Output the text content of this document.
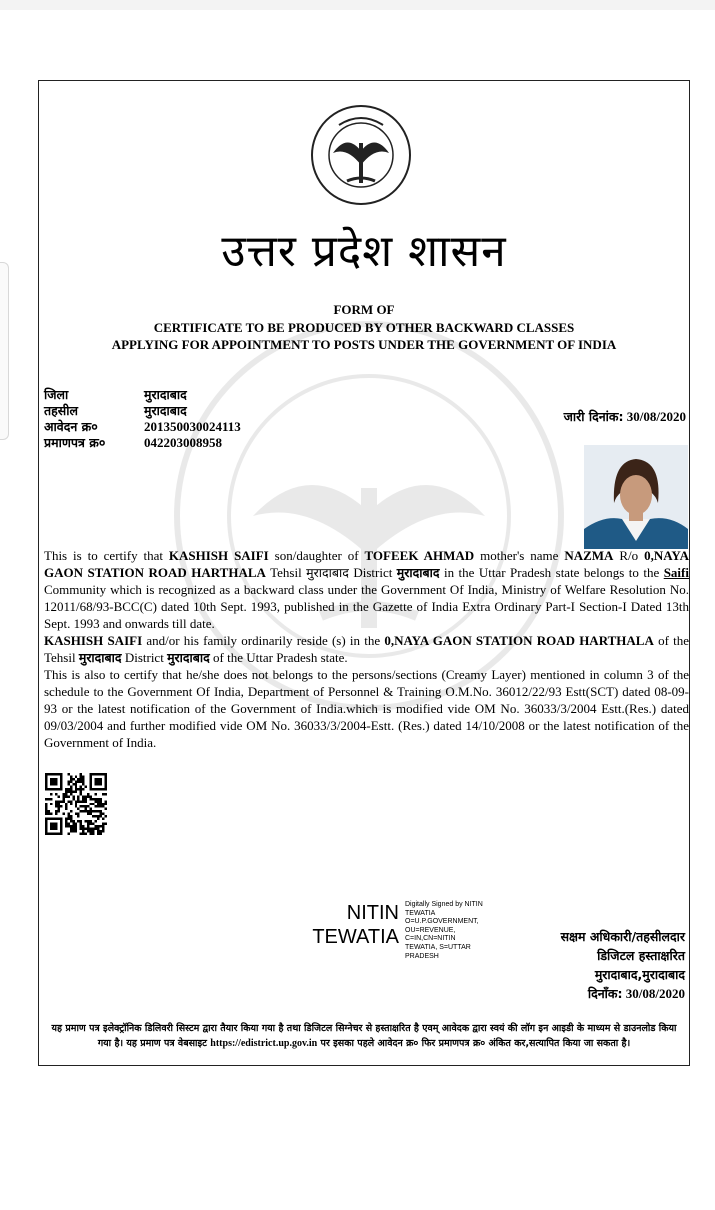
उत्तर प्रदेश शासन
FORM OF
CERTIFICATE TO BE PRODUCED BY OTHER BACKWARD CLASSES
APPLYING FOR APPOINTMENT TO POSTS UNDER THE GOVERNMENT OF INDIA
जिला	मुरादाबाद
तहसील	मुरादाबाद
आवेदन क्र०	201350030024113
प्रमाणपत्र क्र०	042203008958
जारी दिनांक: 30/08/2020

This is to certify that KASHISH SAIFI son/daughter of TOFEEK AHMAD mother's name NAZMA R/o 0,NAYA GAON STATION ROAD HARTHALA Tehsil मुरादाबाद District मुरादाबाद in the Uttar Pradesh state belongs to the Saifi Community which is recognized as a backward class under the Government Of India, Ministry of Welfare Resolution No. 12011/68/93-BCC(C) dated 10th Sept. 1993, published in the Gazette of India Extra Ordinary Part-I Section-I Dated 13th Sept. 1993 and onwards till date.

KASHISH SAIFI and/or his family ordinarily reside (s) in the 0,NAYA GAON STATION ROAD HARTHALA of the Tehsil मुरादाबाद District मुरादाबाद of the Uttar Pradesh state.

This is also to certify that he/she does not belongs to the persons/sections (Creamy Layer) mentioned in column 3 of the schedule to the Government Of India, Department of Personnel & Training O.M.No. 36012/22/93 Estt(SCT) dated 08-09-93 or the latest notification of the Government of India.which is modified vide OM No. 36033/3/2004 Estt.(Res.) dated 09/03/2004 and further modified vide OM No. 36033/3/2004-Estt. (Res.) dated 14/10/2008 or the latest notification of the Government of India.

NITIN
TEWATIA
Digitally Signed by NITIN
TEWATIA
O=U.P.GOVERNMENT,
OU=REVENUE,
C=IN,CN=NITIN
TEWATIA, S=UTTAR
PRADESH
सक्षम अधिकारी/तहसीलदार
डिजिटल हस्ताक्षरित
मुरादाबाद,मुरादाबाद
दिनाँक: 30/08/2020
यह प्रमाण पत्र इलेक्ट्रॉनिक डिलिवरी सिस्टम द्वारा तैयार किया गया है तथा डिजिटल सिग्नेचर से हस्ताक्षरित है एवम् आवेदक द्वारा स्वयं की लॉग इन आइडी के माध्यम से डाउनलोड किया गया है। यह प्रमाण पत्र वेबसाइट https://edistrict.up.gov.in पर इसका पहले आवेदन क्र० फिर प्रमाणपत्र क्र० अंकित कर,सत्यापित किया जा सकता है।
